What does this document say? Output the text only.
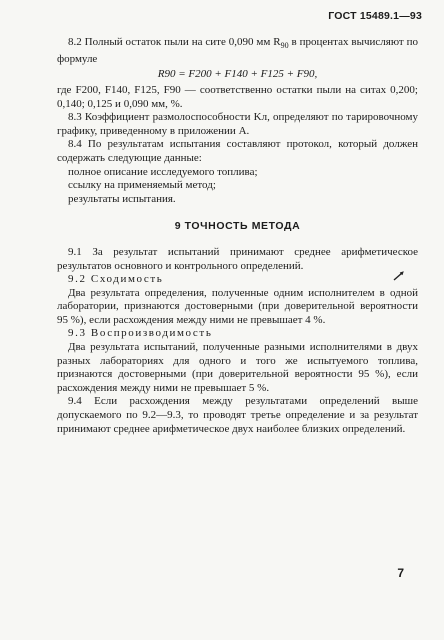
ГОСТ 15489.1—93

 8.2 Полный остаток пыли на сите 0,090 мм $R_{90}$ в процентах вычисляют по формуле

R90 = F200 + F140 + F125 + F90,

где F200, F140, F125, F90 — соответственно остатки пыли на ситах 0,200; 0,140; 0,125 и 0,090 мм, %.

 8.3 Коэффициент размолоспособности Kл, определяют по тарировочному графику, приведенному в приложении А.

 8.4 По результатам испытания составляют протокол, который должен содержать следующие данные:

 полное описание исследуемого топлива;

 ссылку на применяемый метод;

 результаты испытания.

9 ТОЧНОСТЬ МЕТОДА

 9.1 За результат испытаний принимают среднее арифметическое результатов основного и контрольного определений.

 9.2 Сходимость

 Два результата определения, полученные одним исполнителем в одной лаборатории, признаются достоверными (при доверительной вероятности 95 %), если расхождения между ними не превышает 4 %.

 9.3 Воспроизводимость

 Два результата испытаний, полученные разными исполнителями в двух разных лабораториях для одного и того же испытуемого топлива, признаются достоверными (при доверительной вероятности 95 %), если расхождения между ними не превышает 5 %.

 9.4 Если расхождения между результатами определений выше допускаемого по 9.2—9.3, то проводят третье определение и за результат принимают среднее арифметическое двух наиболее близких определений.

7
